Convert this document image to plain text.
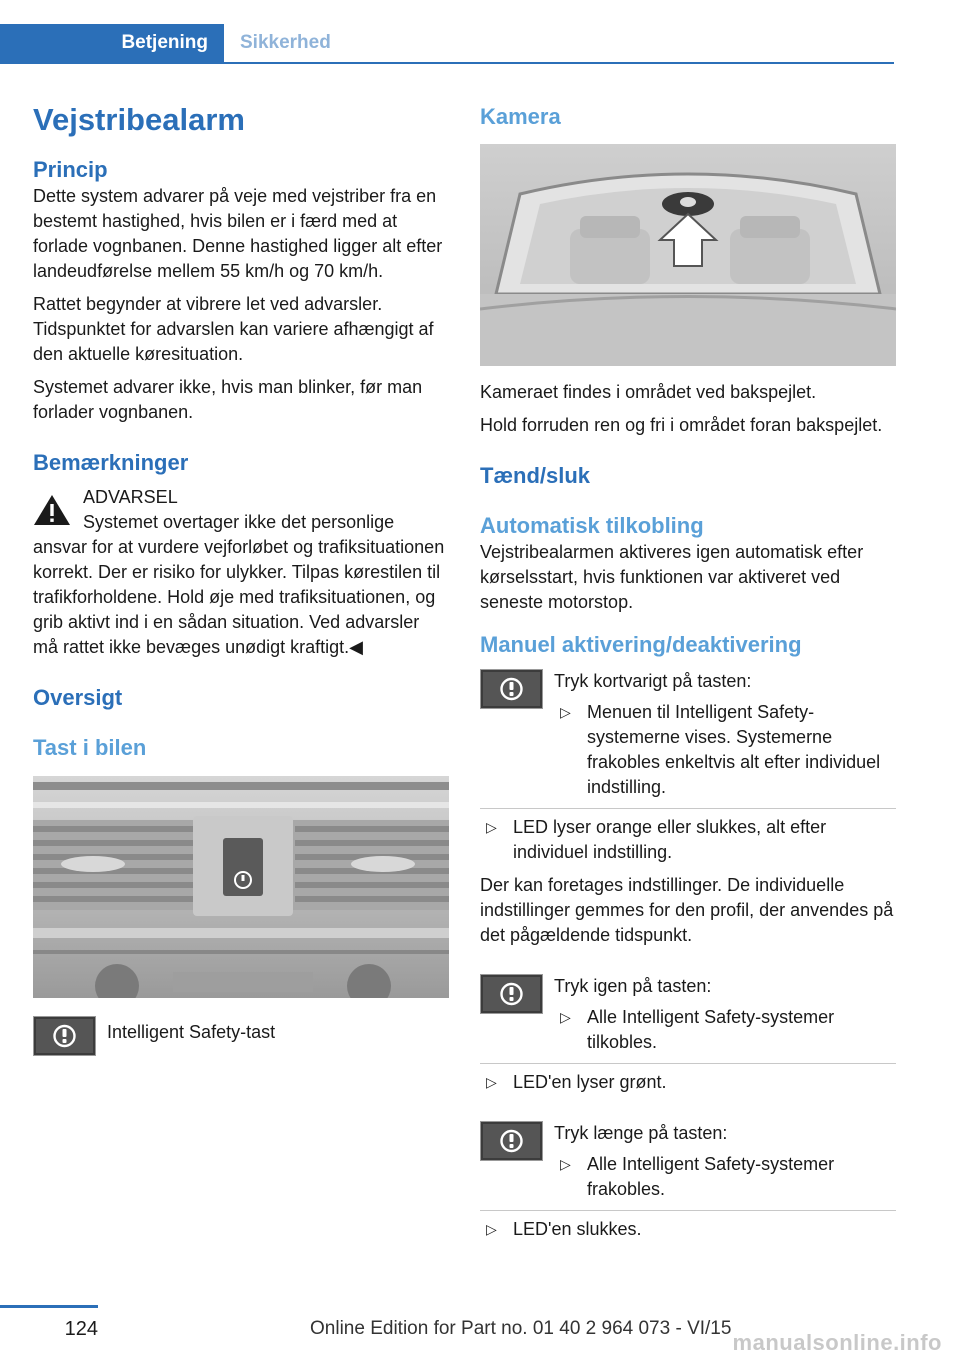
Betjening	Sikkerhed
Vejstribealarm
Princip

Dette system advarer på veje med vejstriber fra en bestemt hastighed, hvis bilen er i færd med at forlade vognbanen. Denne hastighed ligger alt efter landeudførelse mellem 55 km/h og 70 km/h.

Rattet begynder at vibrere let ved advarsler. Tidspunktet for advarslen kan variere afhængigt af den aktuelle køresituation.

Systemet advarer ikke, hvis man blinker, før man forlader vognbanen.

Bemærkninger

ADVARSEL

Systemet overtager ikke det personlige

ansvar for at vurdere vejforløbet og trafiksituationen korrekt. Der er risiko for ulykker. Tilpas kørestilen til trafikforholdene. Hold øje med trafiksituationen, og grib aktivt ind i en sådan situation. Ved advarsler må rattet ikke bevæges unødigt kraftigt.◀

Oversigt
Tast i bilen

Intelligent Safety-tast

Kamera

Kameraet findes i området ved bakspejlet.

Hold forruden ren og fri i området foran bakspejlet.

Tænd/sluk
Automatisk tilkobling

Vejstribealarmen aktiveres igen automatisk efter kørselsstart, hvis funktionen var aktiveret ved seneste motorstop.

Manuel aktivering/deaktivering

Tryk kortvarigt på tasten:

▷ Menuen til Intelligent Safety-systemerne vises. Systemerne frakobles enkeltvis alt efter individuel indstilling.
▷ LED lyser orange eller slukkes, alt efter individuel indstilling.

Der kan foretages indstillinger. De individuelle indstillinger gemmes for den profil, der anvendes på det pågældende tidspunkt.

Tryk igen på tasten:

▷ Alle Intelligent Safety-systemer tilkobles.
▷ LED'en lyser grønt.

Tryk længe på tasten:

▷ Alle Intelligent Safety-systemer frakobles.
▷ LED'en slukkes.
124	Online Edition for Part no. 01 40 2 964 073 - VI/15
manualsonline.info
